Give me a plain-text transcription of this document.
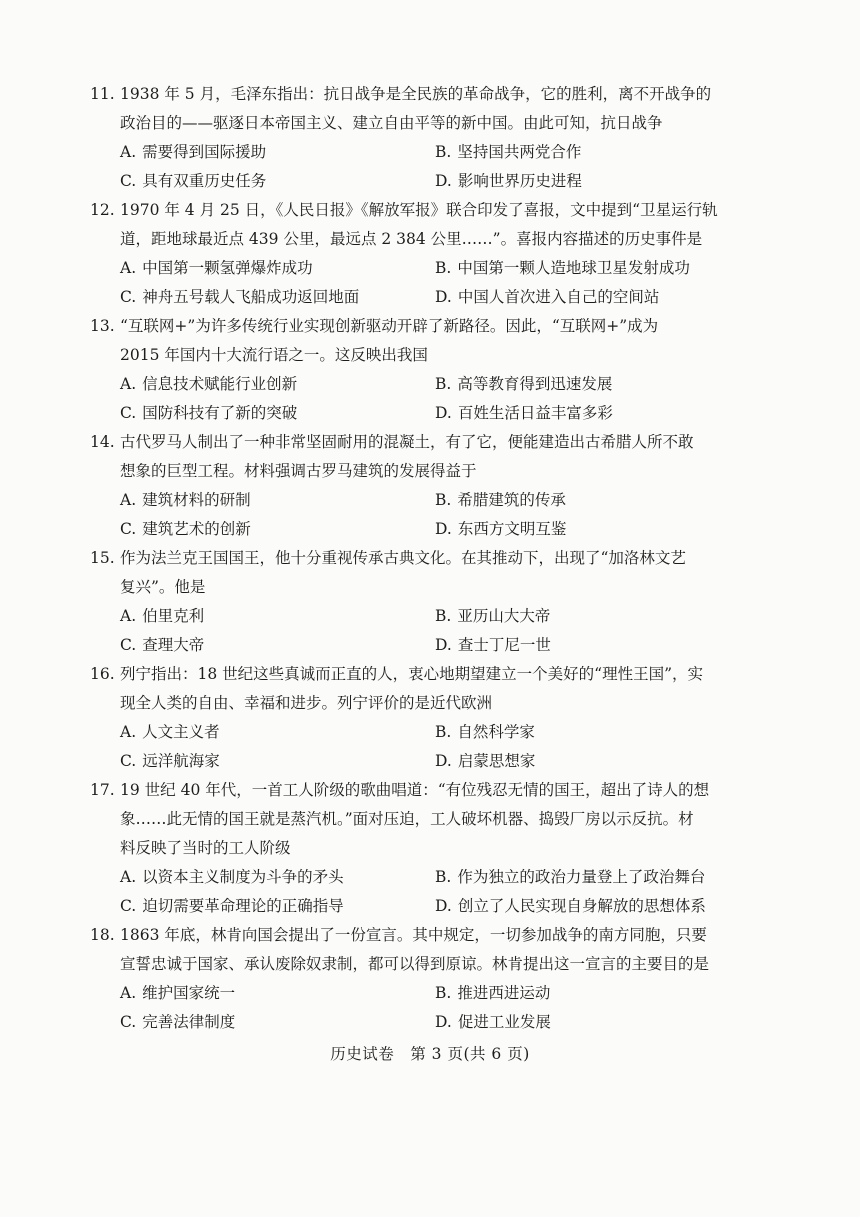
11. 1938 年 5 月，毛泽东指出：抗日战争是全民族的革命战争，它的胜利，离不开战争的
政治目的——驱逐日本帝国主义、建立自由平等的新中国。由此可知，抗日战争
A. 需要得到国际援助	B. 坚持国共两党合作
C. 具有双重历史任务	D. 影响世界历史进程
12. 1970 年 4 月 25 日，《人民日报》《解放军报》联合印发了喜报，文中提到“卫星运行轨
道，距地球最近点 439 公里，最远点 2 384 公里……”。喜报内容描述的历史事件是
A. 中国第一颗氢弹爆炸成功	B. 中国第一颗人造地球卫星发射成功
C. 神舟五号载人飞船成功返回地面	D. 中国人首次进入自己的空间站
13. “互联网+”为许多传统行业实现创新驱动开辟了新路径。因此，“互联网+”成为
2015 年国内十大流行语之一。这反映出我国
A. 信息技术赋能行业创新	B. 高等教育得到迅速发展
C. 国防科技有了新的突破	D. 百姓生活日益丰富多彩
14. 古代罗马人制出了一种非常坚固耐用的混凝土，有了它，便能建造出古希腊人所不敢
想象的巨型工程。材料强调古罗马建筑的发展得益于
A. 建筑材料的研制	B. 希腊建筑的传承
C. 建筑艺术的创新	D. 东西方文明互鉴
15. 作为法兰克王国国王，他十分重视传承古典文化。在其推动下，出现了“加洛林文艺
复兴”。他是
A. 伯里克利	B. 亚历山大大帝
C. 查理大帝	D. 查士丁尼一世
16. 列宁指出：18 世纪这些真诚而正直的人，衷心地期望建立一个美好的“理性王国”，实
现全人类的自由、幸福和进步。列宁评价的是近代欧洲
A. 人文主义者	B. 自然科学家
C. 远洋航海家	D. 启蒙思想家
17. 19 世纪 40 年代，一首工人阶级的歌曲唱道：“有位残忍无情的国王，超出了诗人的想
象……此无情的国王就是蒸汽机。”面对压迫，工人破坏机器、捣毁厂房以示反抗。材
料反映了当时的工人阶级
A. 以资本主义制度为斗争的矛头	B. 作为独立的政治力量登上了政治舞台
C. 迫切需要革命理论的正确指导	D. 创立了人民实现自身解放的思想体系
18. 1863 年底，林肯向国会提出了一份宣言。其中规定，一切参加战争的南方同胞，只要
宣誓忠诚于国家、承认废除奴隶制，都可以得到原谅。林肯提出这一宣言的主要目的是
A. 维护国家统一	B. 推进西进运动
C. 完善法律制度	D. 促进工业发展
历史试卷　第 3 页(共 6 页)
